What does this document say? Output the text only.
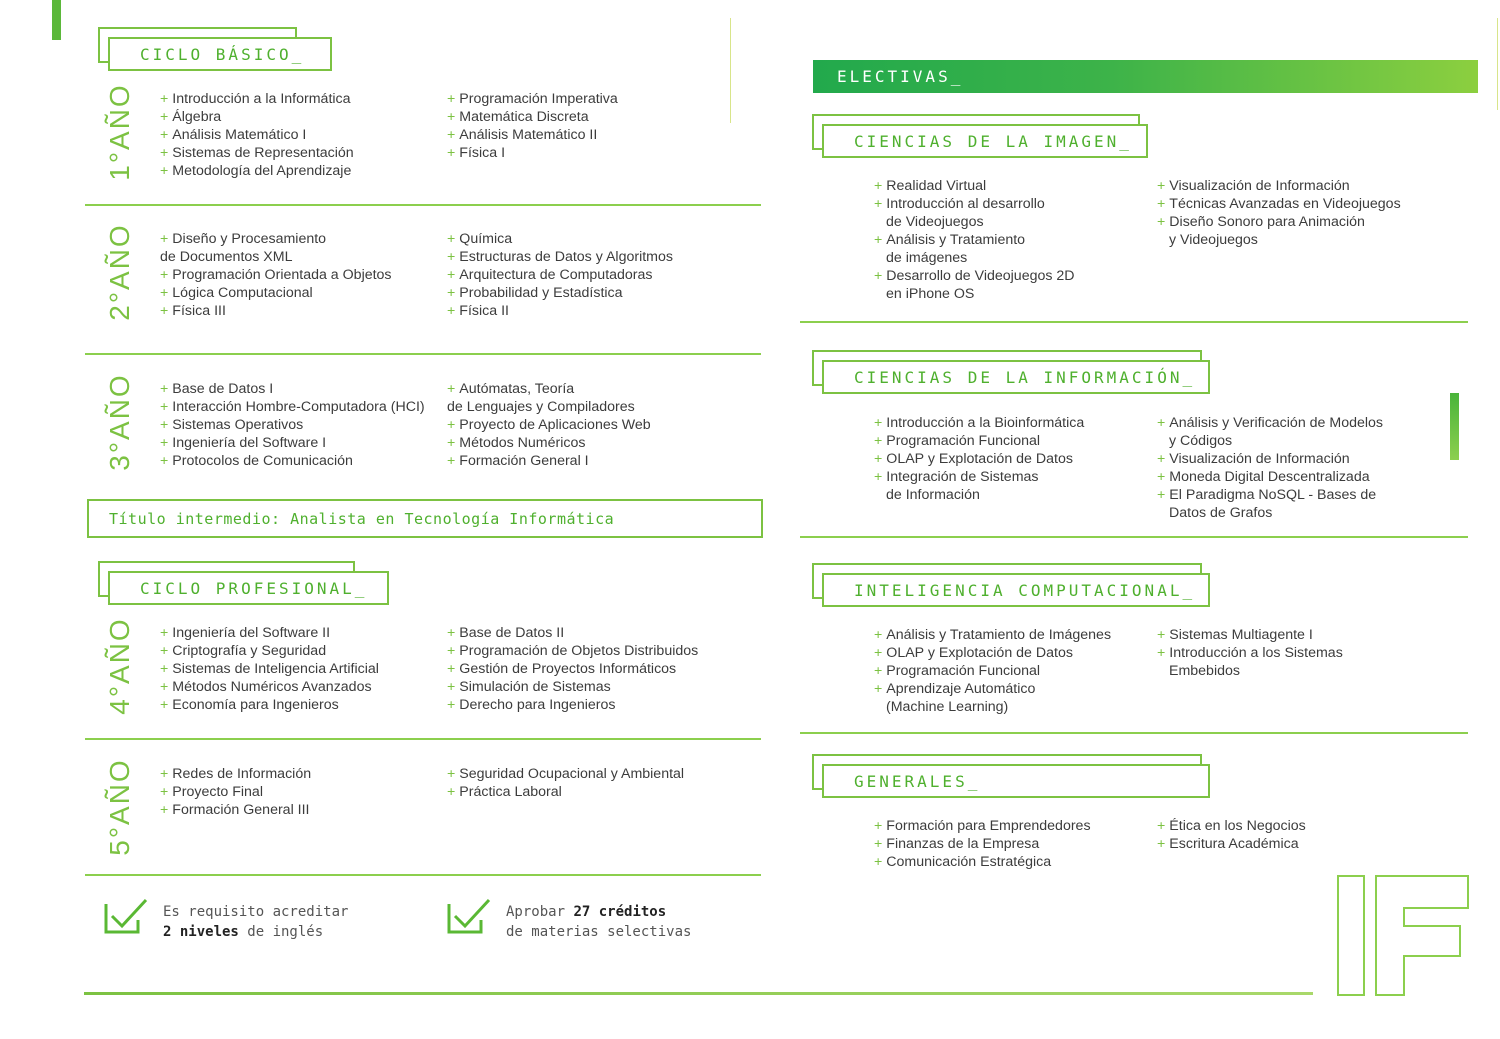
CICLO BÁSICO_
Título intermedio: Analista en Tecnología Informática
CICLO PROFESIONAL_
Es requisito acreditar
2 niveles de inglés
Aprobar 27 créditos
de materias selectivas
ELECTIVAS_
1°AÑO + Introducción a la Informática
+ Álgebra
+ Análisis Matemático I
+ Sistemas de Representación
+ Metodología del Aprendizaje
+ Programación Imperativa
+ Matemática Discreta
+ Análisis Matemático II
+ Física I
2°AÑO + Diseño y Procesamiento
de Documentos XML
+ Programación Orientada a Objetos
+ Lógica Computacional
+ Física III
+ Química
+ Estructuras de Datos y Algoritmos
+ Arquitectura de Computadoras
+ Probabilidad y Estadística
+ Física II
3°AÑO + Base de Datos I
+ Interacción Hombre-Computadora (HCI)
+ Sistemas Operativos
+ Ingeniería del Software I
+ Protocolos de Comunicación
+ Autómatas, Teoría
de Lenguajes y Compiladores
+ Proyecto de Aplicaciones Web
+ Métodos Numéricos
+ Formación General I
4°AÑO + Ingeniería del Software II
+ Criptografía y Seguridad
+ Sistemas de Inteligencia Artificial
+ Métodos Numéricos Avanzados
+ Economía para Ingenieros
+ Base de Datos II
+ Programación de Objetos Distribuidos
+ Gestión de Proyectos Informáticos
+ Simulación de Sistemas
+ Derecho para Ingenieros
5°AÑO + Redes de Información
+ Proyecto Final
+ Formación General III
+ Seguridad Ocupacional y Ambiental
+ Práctica Laboral
CIENCIAS DE LA IMAGEN_
+ Realidad Virtual
+ Introducción al desarrollo
de Videojuegos
+ Análisis y Tratamiento
de imágenes
+ Desarrollo de Videojuegos 2D
en iPhone OS
+ Visualización de Información
+ Técnicas Avanzadas en Videojuegos
+ Diseño Sonoro para Animación
y Videojuegos
CIENCIAS DE LA INFORMACIÓN_
+ Introducción a la Bioinformática
+ Programación Funcional
+ OLAP y Explotación de Datos
+ Integración de Sistemas
de Información
+ Análisis y Verificación de Modelos
y Códigos
+ Visualización de Información
+ Moneda Digital Descentralizada
+ El Paradigma NoSQL - Bases de
Datos de Grafos
INTELIGENCIA COMPUTACIONAL_
+ Análisis y Tratamiento de Imágenes
+ OLAP y Explotación de Datos
+ Programación Funcional
+ Aprendizaje Automático
(Machine Learning)
+ Sistemas Multiagente I
+ Introducción a los Sistemas
Embebidos
GENERALES_
+ Formación para Emprendedores
+ Finanzas de la Empresa
+ Comunicación Estratégica
+ Ética en los Negocios
+ Escritura Académica
